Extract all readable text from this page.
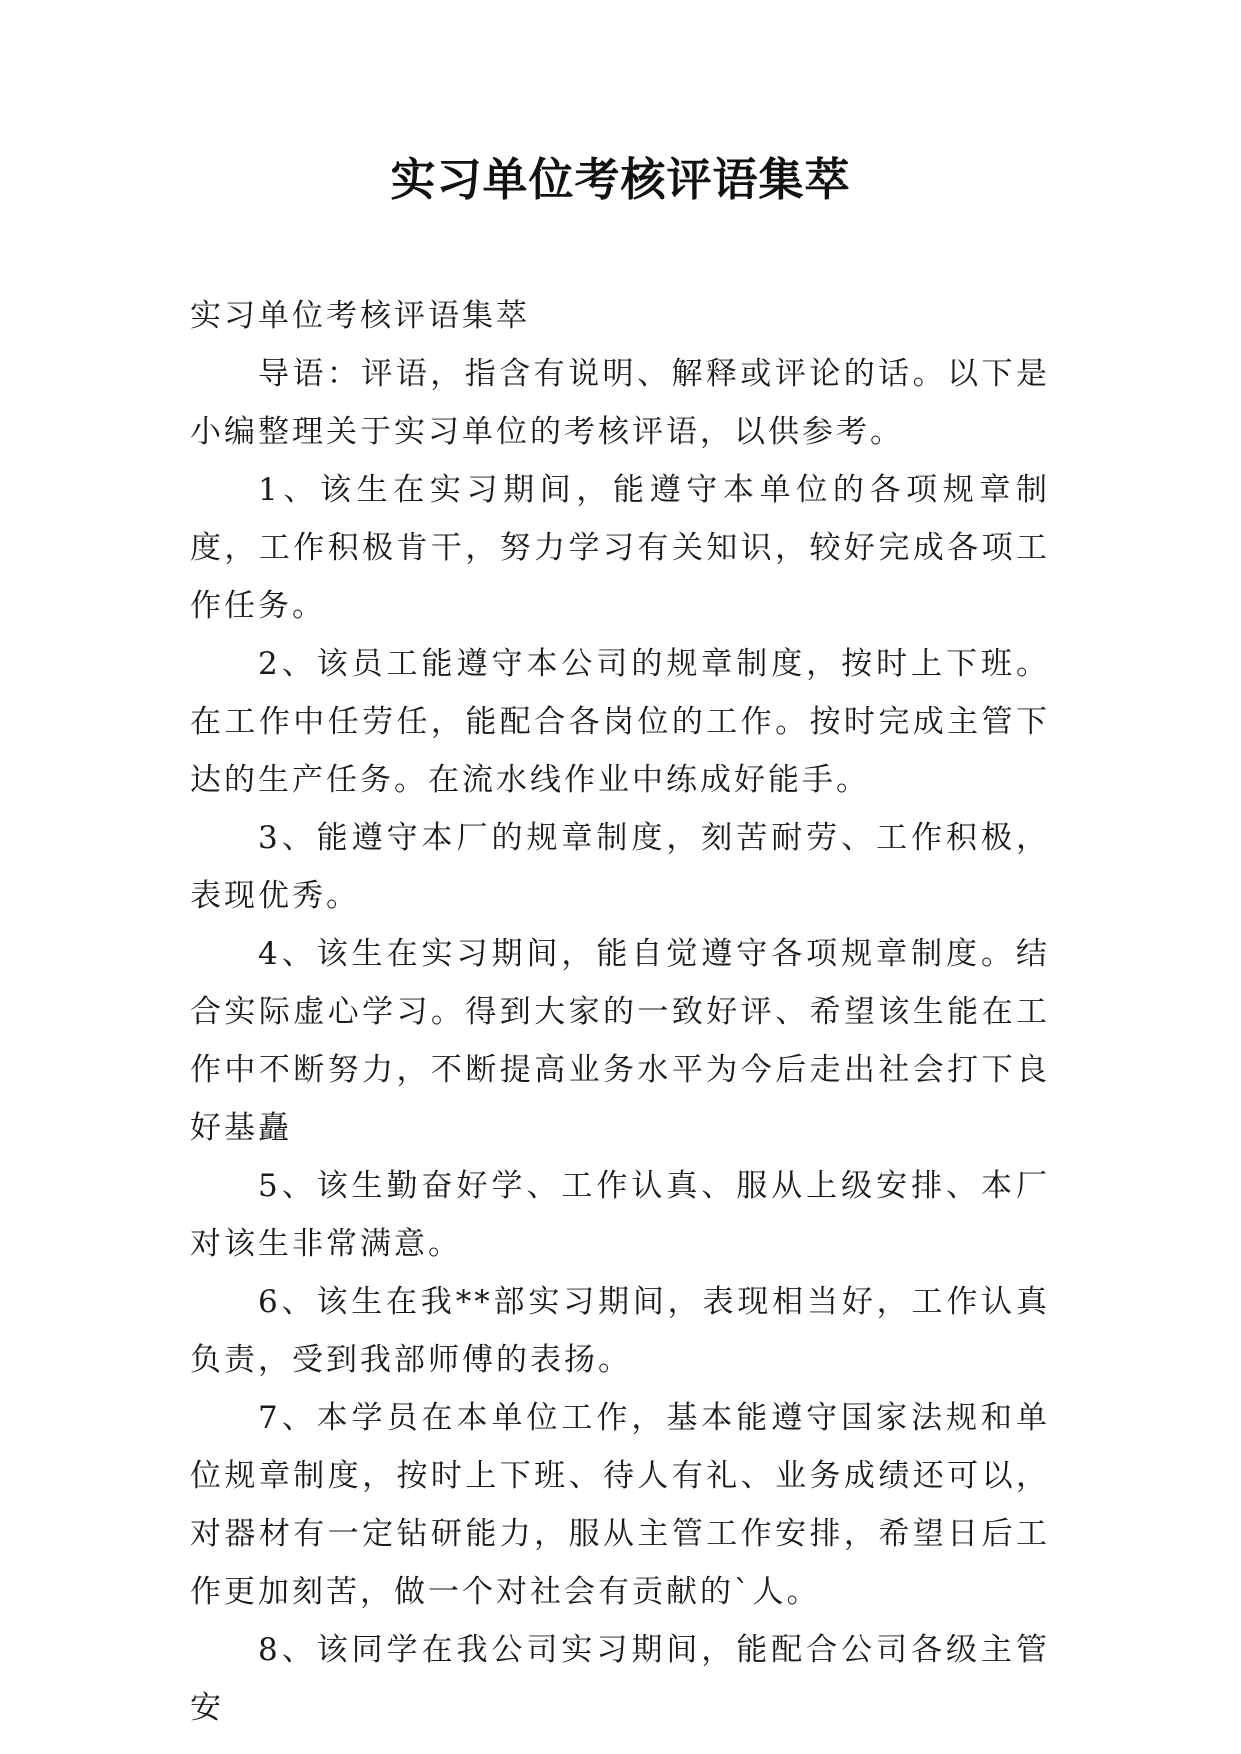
实习单位考核评语集萃

实习单位考核评语集萃

导语：评语，指含有说明、解释或评论的话。以下是小编整理关于实习单位的考核评语，以供参考。

1、该生在实习期间，能遵守本单位的各项规章制度，工作积极肯干，努力学习有关知识，较好完成各项工作任务。

2、该员工能遵守本公司的规章制度，按时上下班。在工作中任劳任，能配合各岗位的工作。按时完成主管下达的生产任务。在流水线作业中练成好能手。

3、能遵守本厂的规章制度，刻苦耐劳、工作积极，表现优秀。

4、该生在实习期间，能自觉遵守各项规章制度。结合实际虚心学习。得到大家的一致好评、希望该生能在工作中不断努力，不断提高业务水平为今后走出社会打下良好基矗

5、该生勤奋好学、工作认真、服从上级安排、本厂对该生非常满意。

6、该生在我**部实习期间，表现相当好，工作认真负责，受到我部师傅的表扬。

7、本学员在本单位工作，基本能遵守国家法规和单位规章制度，按时上下班、待人有礼、业务成绩还可以，对器材有一定钻研能力，服从主管工作安排，希望日后工作更加刻苦，做一个对社会有贡献的`人。

8、该同学在我公司实习期间，能配合公司各级主管安
